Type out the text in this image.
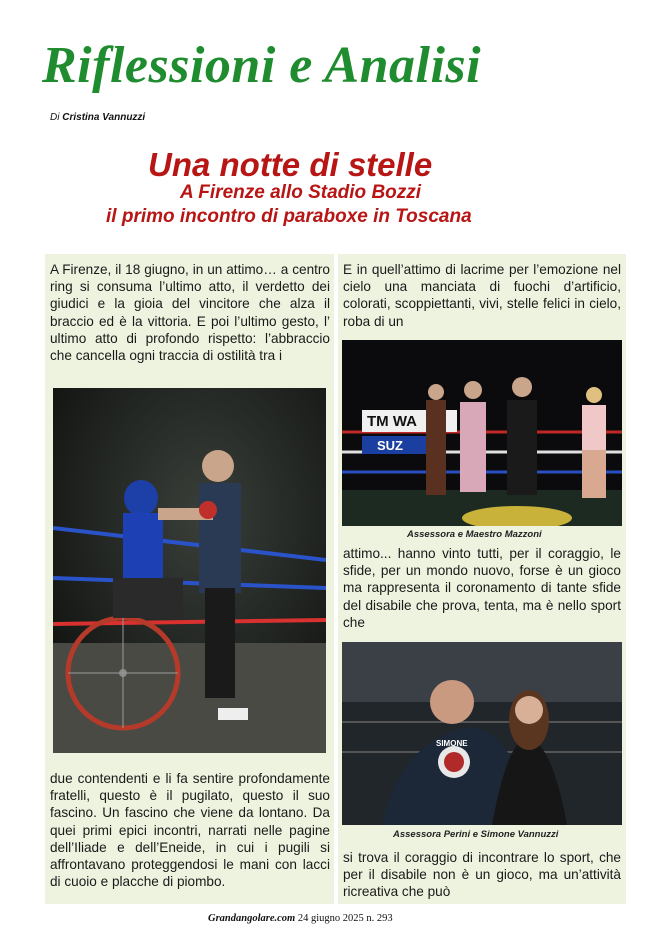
Riflessioni e Analisi
Di Cristina Vannuzzi
Una notte di stelle
A Firenze allo Stadio Bozzi
il primo incontro di paraboxe in Toscana
A Firenze, il 18 giugno, in un attimo… a centro ring si consuma l’ultimo atto, il verdetto dei giudici e la gioia del vincitore che alza il braccio ed è la vittoria. E poi l’ultimo gesto, l’ ultimo atto di profondo rispetto: l’abbraccio che cancella ogni traccia di ostilità tra i
due contendenti e li fa sentire profondamente fratelli, questo è il pugilato, questo il suo fascino. Un fascino che viene da lontano. Da quei primi epici incontri, narrati nelle pagine dell’Iliade e dell’Eneide, in cui i pugili si affrontavano proteggendosi le mani con lacci di cuoio e placche di piombo.
E in quell’attimo di lacrime per l’emozione nel cielo una manciata di fuochi d’artificio, colorati, scoppiettanti, vivi, stelle felici in cielo, roba di un
TM WA
SUZ
Assessora e Maestro Mazzoni
attimo... hanno vinto tutti, per il coraggio, le sfide, per un mondo nuovo, forse è un gioco ma rappresenta il coronamento di tante sfide del disabile che prova, tenta, ma è nello sport che
SIMONE
Assessora Perini e Simone Vannuzzi
si trova il coraggio di incontrare lo sport, che per il disabile non è un gioco, ma un’attività ricreativa che può
Grandangolare.com 24 giugno 2025 n. 293
